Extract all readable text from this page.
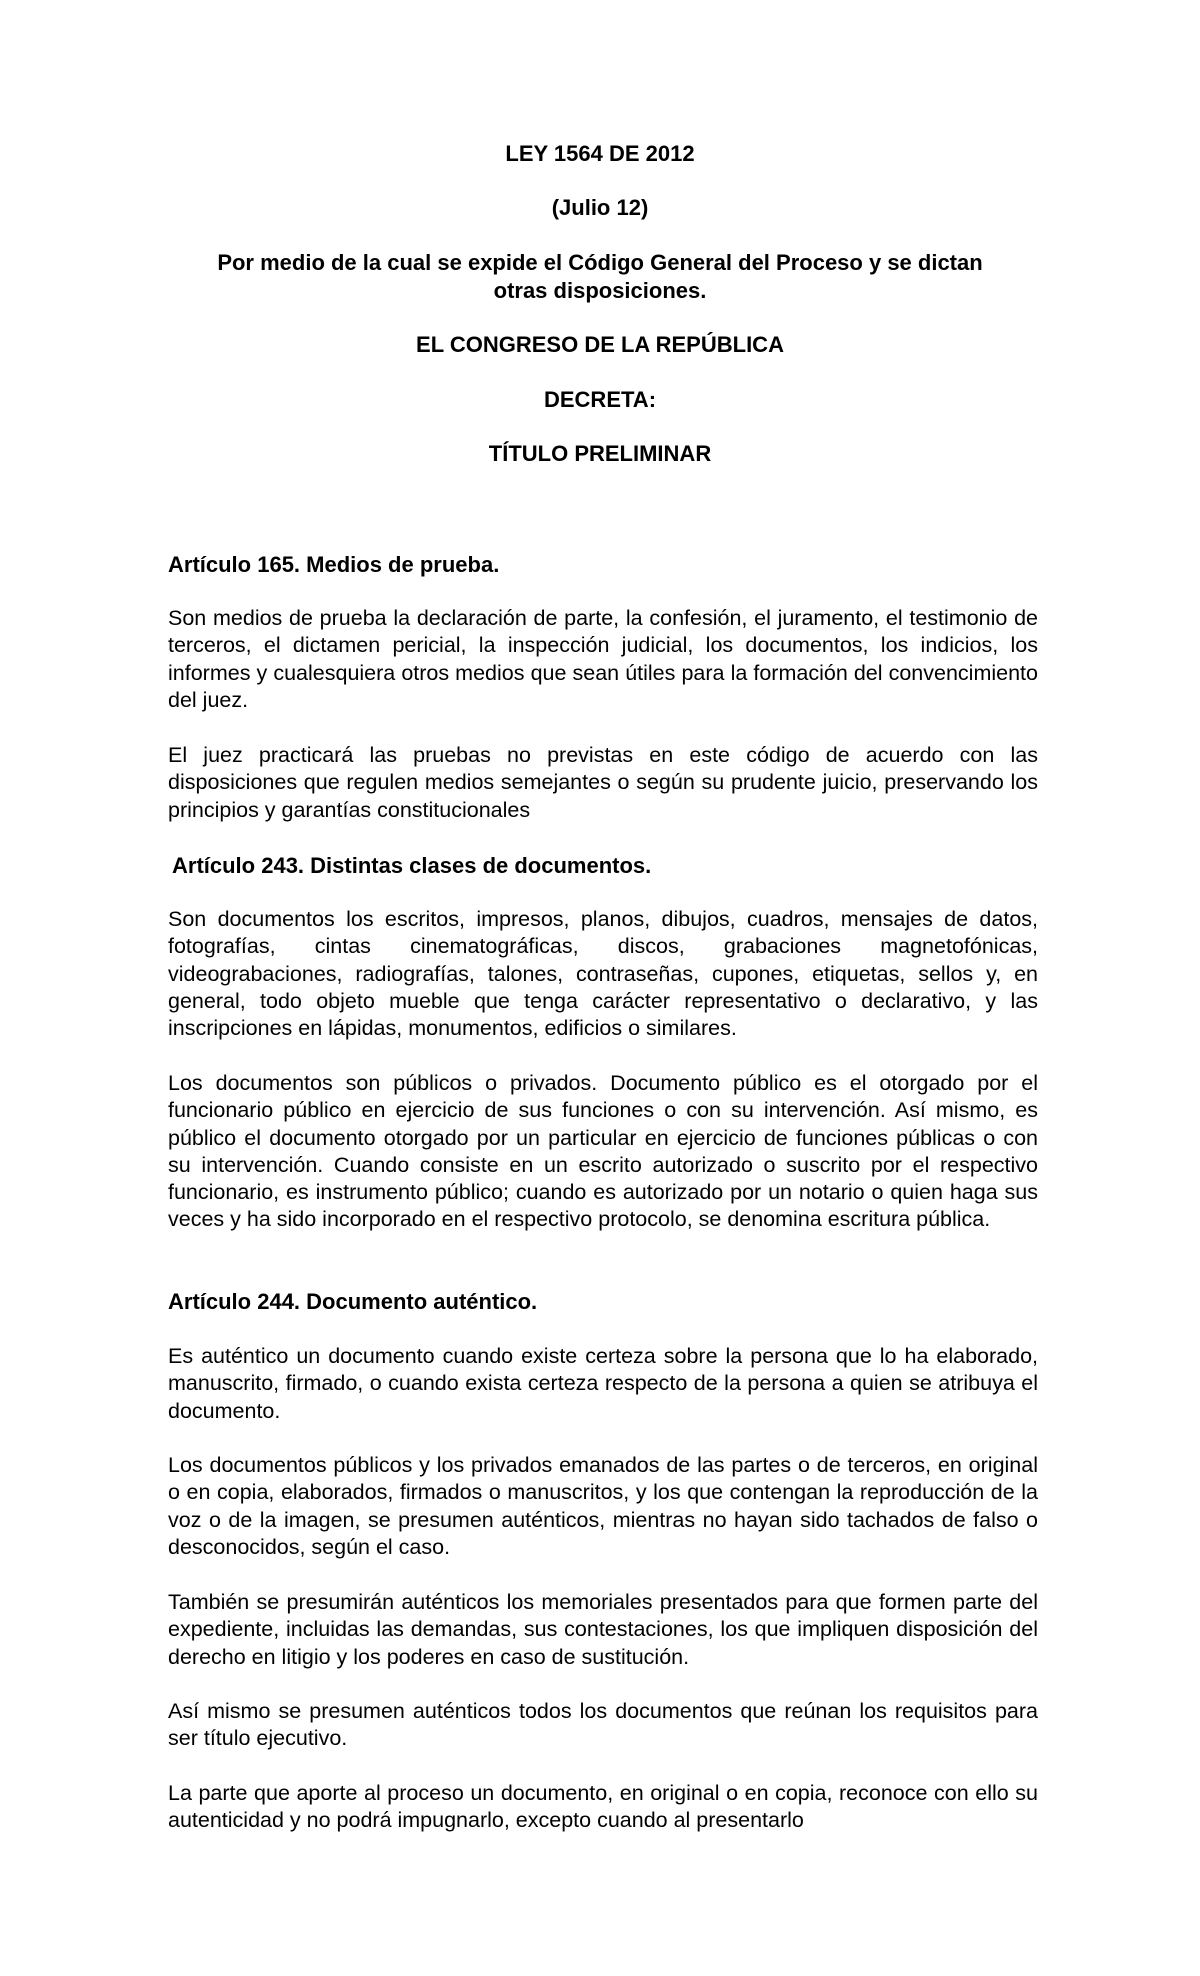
LEY 1564 DE 2012

(Julio 12)

Por medio de la cual se expide el Código General del Proceso y se dictan otras disposiciones.

EL CONGRESO DE LA REPÚBLICA

DECRETA:

TÍTULO PRELIMINAR

Artículo 165. Medios de prueba.

Son medios de prueba la declaración de parte, la confesión, el juramento, el testimonio de terceros, el dictamen pericial, la inspección judicial, los documentos, los indicios, los informes y cualesquiera otros medios que sean útiles para la formación del convencimiento del juez.

El juez practicará las pruebas no previstas en este código de acuerdo con las disposiciones que regulen medios semejantes o según su prudente juicio, preservando los principios y garantías constitucionales

Artículo 243. Distintas clases de documentos.

Son documentos los escritos, impresos, planos, dibujos, cuadros, mensajes de datos, fotografías, cintas cinematográficas, discos, grabaciones magnetofónicas, videograbaciones, radiografías, talones, contraseñas, cupones, etiquetas, sellos y, en general, todo objeto mueble que tenga carácter representativo o declarativo, y las inscripciones en lápidas, monumentos, edificios o similares.

Los documentos son públicos o privados. Documento público es el otorgado por el funcionario público en ejercicio de sus funciones o con su intervención. Así mismo, es público el documento otorgado por un particular en ejercicio de funciones públicas o con su intervención. Cuando consiste en un escrito autorizado o suscrito por el respectivo funcionario, es instrumento público; cuando es autorizado por un notario o quien haga sus veces y ha sido incorporado en el respectivo protocolo, se denomina escritura pública.

Artículo 244. Documento auténtico.

Es auténtico un documento cuando existe certeza sobre la persona que lo ha elaborado, manuscrito, firmado, o cuando exista certeza respecto de la persona a quien se atribuya el documento.

Los documentos públicos y los privados emanados de las partes o de terceros, en original o en copia, elaborados, firmados o manuscritos, y los que contengan la reproducción de la voz o de la imagen, se presumen auténticos, mientras no hayan sido tachados de falso o desconocidos, según el caso.

También se presumirán auténticos los memoriales presentados para que formen parte del expediente, incluidas las demandas, sus contestaciones, los que impliquen disposición del derecho en litigio y los poderes en caso de sustitución.

Así mismo se presumen auténticos todos los documentos que reúnan los requisitos para ser título ejecutivo.

La parte que aporte al proceso un documento, en original o en copia, reconoce con ello su autenticidad y no podrá impugnarlo, excepto cuando al presentarlo
